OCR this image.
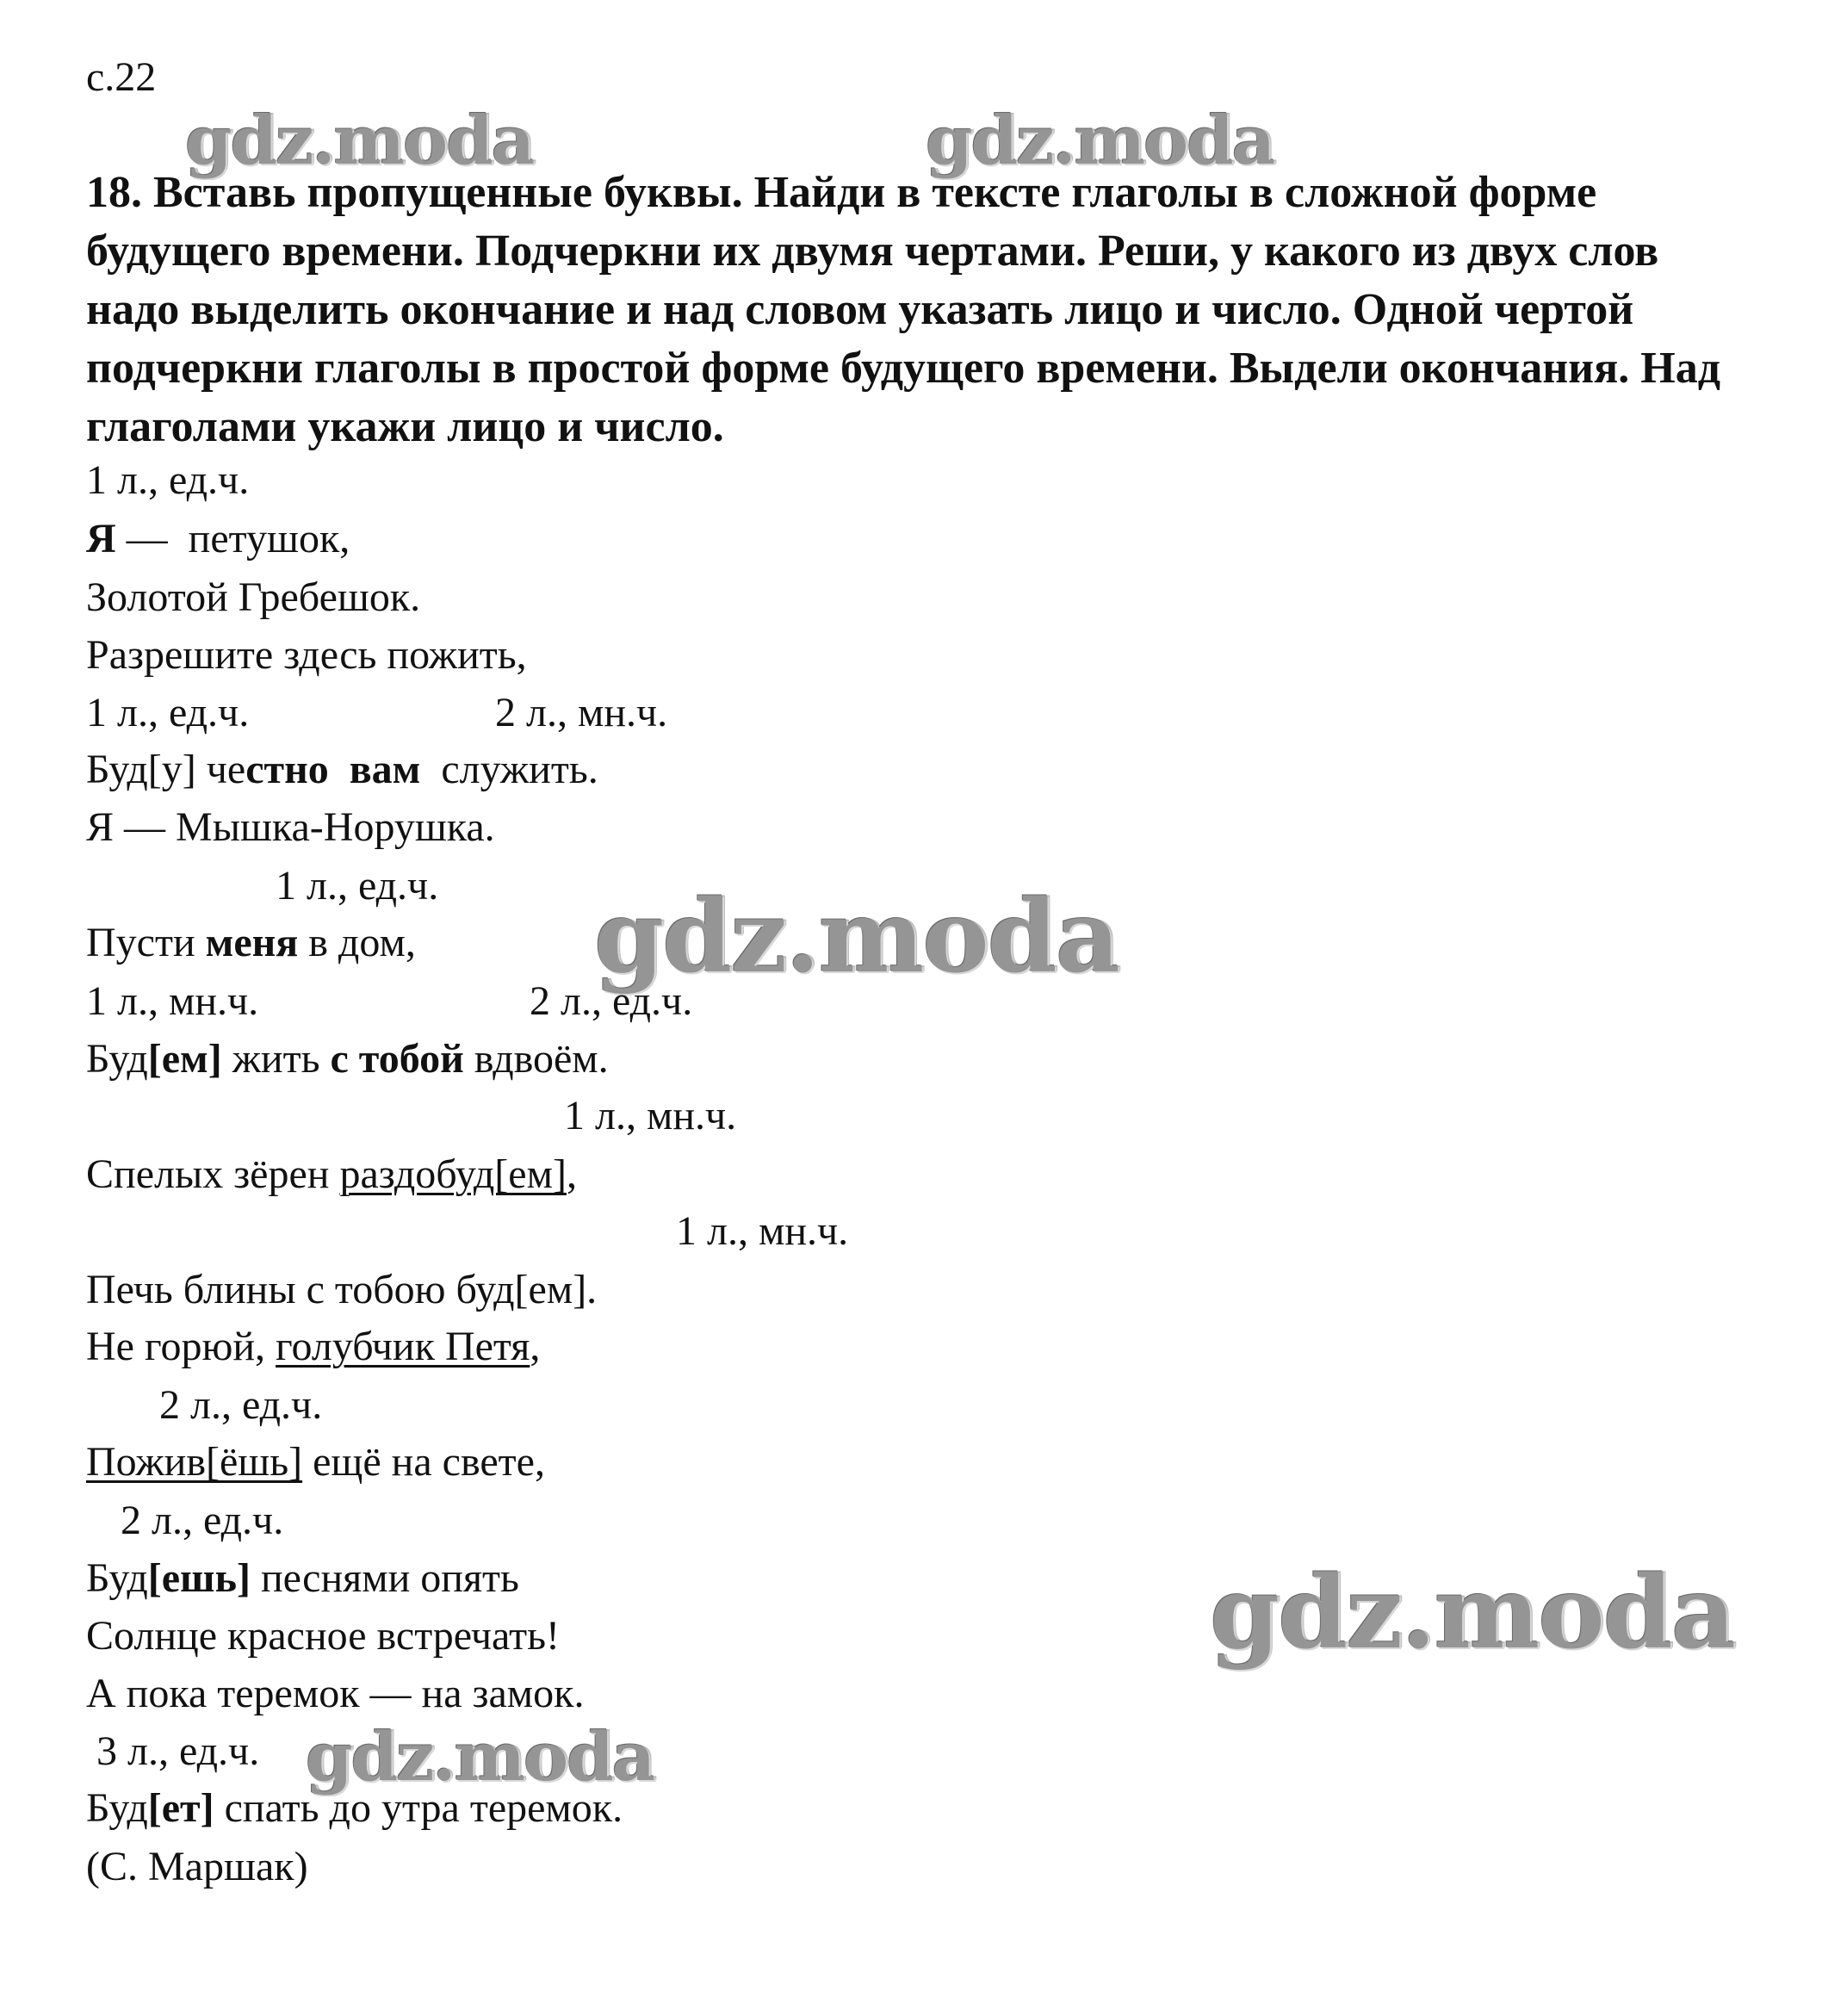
с.22
gdz.moda	gdz.moda
gdz.moda
gdz.moda
gdz.moda
18. Вставь пропущенные буквы. Найди в тексте глаголы в сложной форме будущего времени. Подчеркни их двумя чертами. Реши, у какого из двух слов надо выделить окончание и над словом указать лицо и число. Одной чертой подчеркни глаголы в простой форме будущего времени. Выдели окончания. Над глаголами укажи лицо и число.
1 л., ед.ч.
Я —  петушок,
Золотой Гребешок.
Разрешите здесь пожить,
1 л., ед.ч.	2 л., мн.ч.
Буд[у] честно вам  служить.
Я — Мышка-Норушка.
1 л., ед.ч.
Пусти меня в дом,
1 л., мн.ч.	2 л., ед.ч.
Буд[ем] жить с тобой вдвоём.
1 л., мн.ч.
Спелых зёрен раздобуд[ем],
1 л., мн.ч.
Печь блины с тобою буд[ем].
Не горюй, голубчик Петя,
2 л., ед.ч.
Пожив[ёшь] ещё на свете,
2 л., ед.ч.
Буд[ешь] песнями опять
Солнце красное встречать!
А пока теремок — на замок.
3 л., ед.ч.
Буд[ет] спать до утра теремок.
(С. Маршак)
